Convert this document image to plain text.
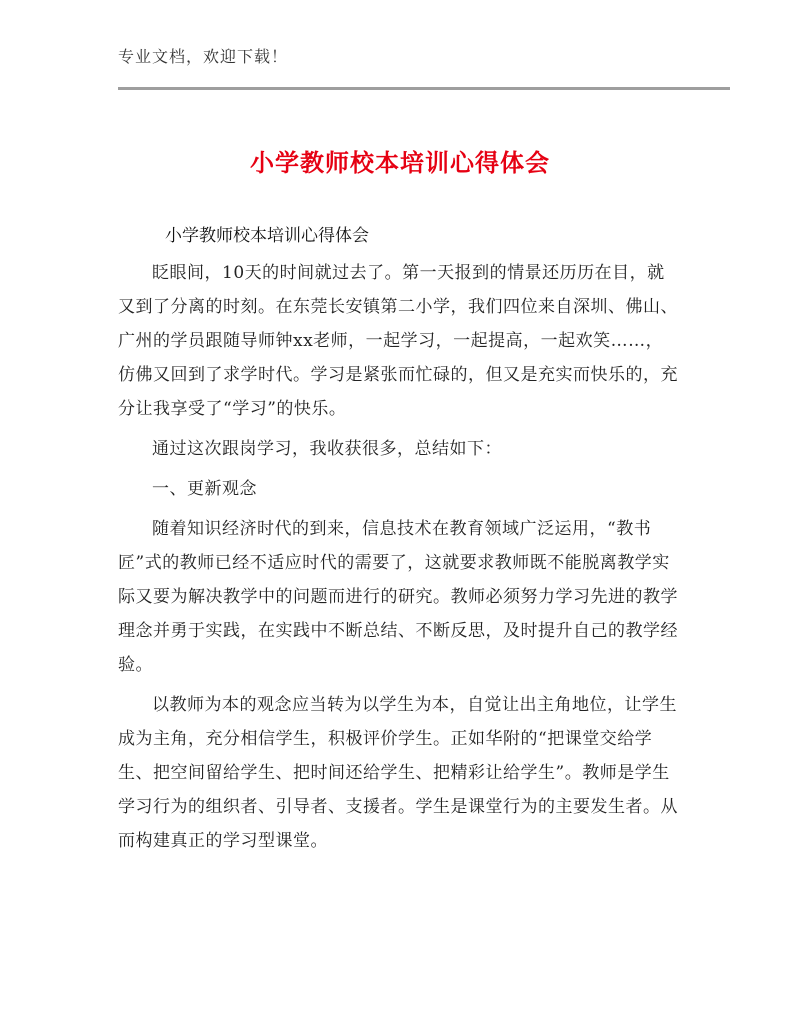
专业文档，欢迎下载！
小学教师校本培训心得体会
小学教师校本培训心得体会

眨眼间，10天的时间就过去了。第一天报到的情景还历历在目，就又到了分离的时刻。在东莞长安镇第二小学，我们四位来自深圳、佛山、广州的学员跟随导师钟xx老师，一起学习，一起提高，一起欢笑……，仿佛又回到了求学时代。学习是紧张而忙碌的，但又是充实而快乐的，充分让我享受了“学习”的快乐。

通过这次跟岗学习，我收获很多，总结如下：

一、更新观念

随着知识经济时代的到来，信息技术在教育领域广泛运用，“教书匠”式的教师已经不适应时代的需要了，这就要求教师既不能脱离教学实际又要为解决教学中的问题而进行的研究。教师必须努力学习先进的教学理念并勇于实践，在实践中不断总结、不断反思，及时提升自己的教学经验。

以教师为本的观念应当转为以学生为本，自觉让出主角地位，让学生成为主角，充分相信学生，积极评价学生。正如华附的“把课堂交给学生、把空间留给学生、把时间还给学生、把精彩让给学生”。教师是学生学习行为的组织者、引导者、支援者。学生是课堂行为的主要发生者。从而构建真正的学习型课堂。
